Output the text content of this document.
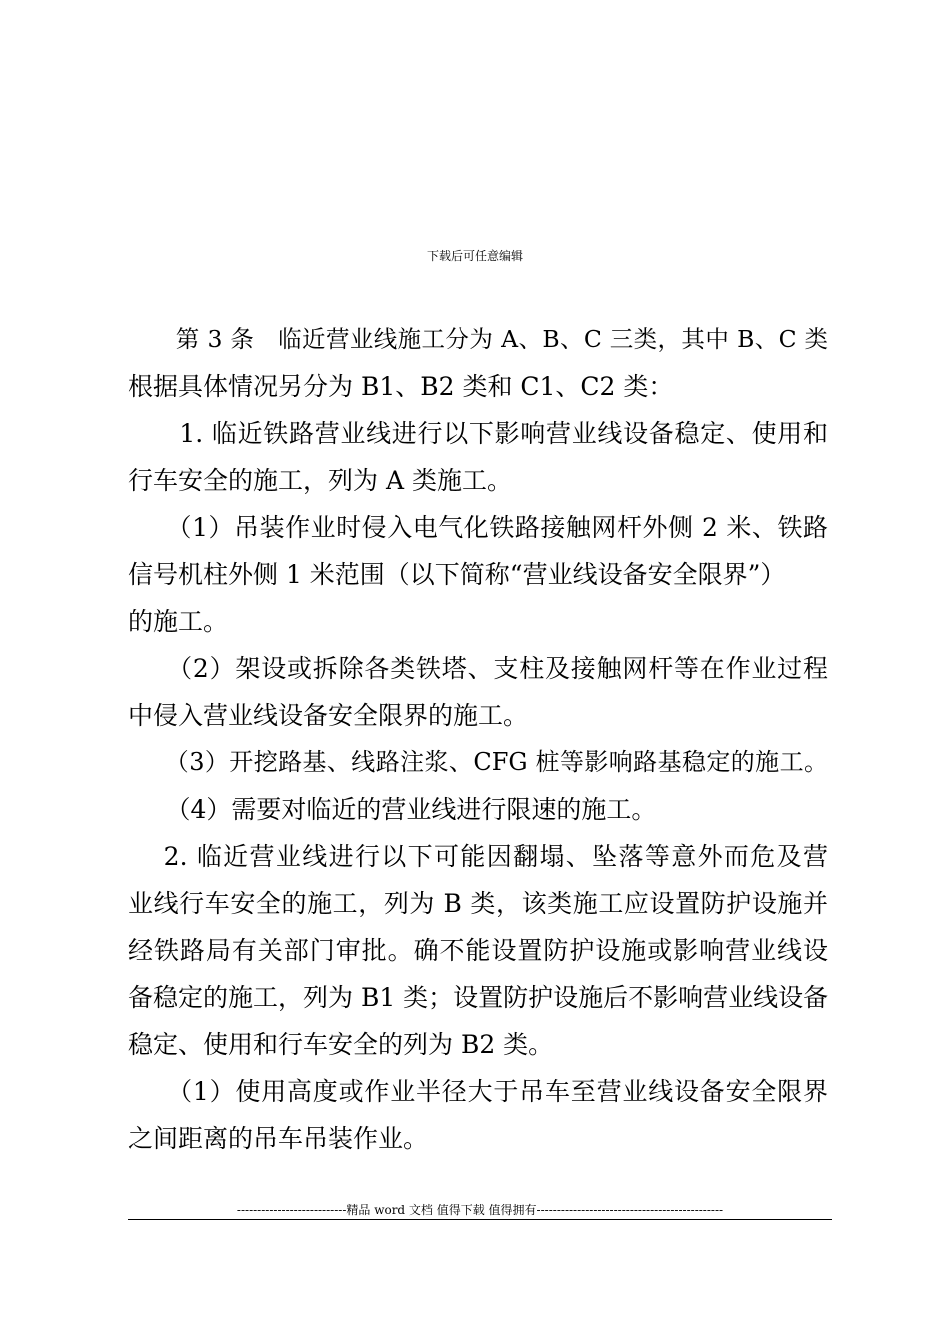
下载后可任意编辑
　　第 3 条　临近营业线施工分为 A、B、C 三类，其中 B、C 类
根据具体情况另分为 B1、B2 类和 C1、C2 类：
　　1. 临近铁路营业线进行以下影响营业线设备稳定、使用和
行车安全的施工，列为 A 类施工。
　　（1）吊装作业时侵入电气化铁路接触网杆外侧 2 米、铁路
信号机柱外侧 1 米范围（以下简称“营业线设备安全限界”）
的施工。
　　（2）架设或拆除各类铁塔、支柱及接触网杆等在作业过程
中侵入营业线设备安全限界的施工。
　　（3）开挖路基、线路注浆、CFG 桩等影响路基稳定的施工。
　　（4）需要对临近的营业线进行限速的施工。
　 2. 临近营业线进行以下可能因翻塌、坠落等意外而危及营
业线行车安全的施工，列为 B 类，该类施工应设置防护设施并
经铁路局有关部门审批。确不能设置防护设施或影响营业线设
备稳定的施工，列为 B1 类；设置防护设施后不影响营业线设备
稳定、使用和行车安全的列为 B2 类。
　　（1）使用高度或作业半径大于吊车至营业线设备安全限界
之间距离的吊车吊装作业。
---------------------------精品 word 文档 值得下载 值得拥有----------------------------------------------
